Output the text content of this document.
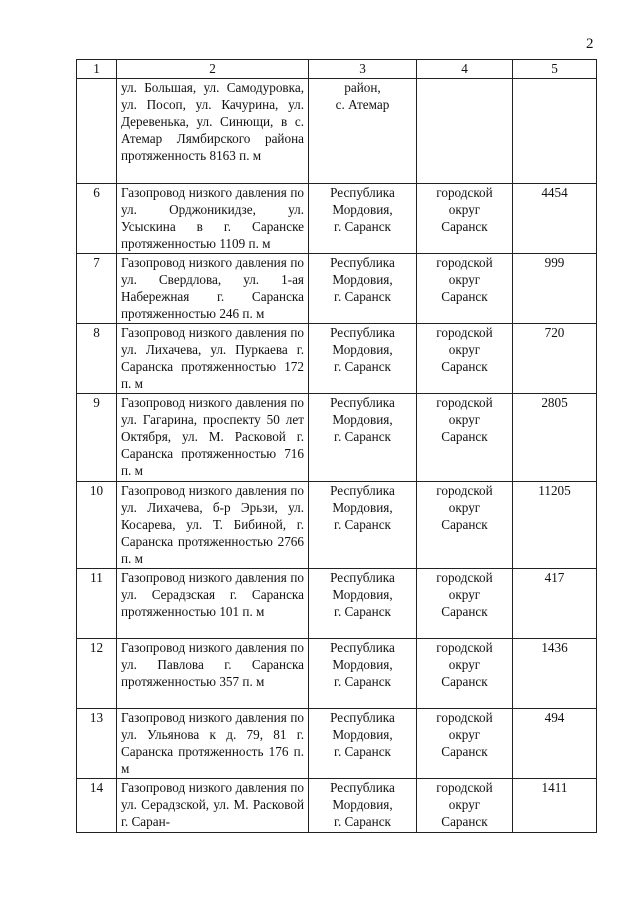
2
1	2	3	4	5
	ул. Большая, ул. Самодуровка, ул. Посоп, ул. Качурина, ул. Деревенька, ул. Синющи, в с. Атемар Лямбирского района протяженность 8163 п. м	район,
с. Атемар		

6	Газопровод низкого давления по ул. Орджоникидзе, ул. Усыскина в г. Саранске протяженностью 1109 п. м	Республика
Мордовия,
г. Саранск	городской
округ
Саранск	4454
7	Газопровод низкого давления по ул. Свердлова, ул. 1-ая Набережная г. Саранска протяженностью 246 п. м	Республика
Мордовия,
г. Саранск	городской
округ
Саранск	999
8	Газопровод низкого давления по ул. Лихачева, ул. Пуркаева г. Саранска протяженностью 172 п. м	Республика
Мордовия,
г. Саранск	городской
округ
Саранск	720
9	Газопровод низкого давления по ул. Гагарина, проспекту 50 лет Октября, ул. М. Расковой г. Саранска протяженностью 716 п. м	Республика
Мордовия,
г. Саранск	городской
округ
Саранск	2805
10	Газопровод низкого давления по ул. Лихачева, б-р Эрьзи, ул. Косарева, ул. Т. Бибиной, г. Саранска протяженностью 2766 п. м	Республика
Мордовия,
г. Саранск	городской
округ
Саранск	11205
11	Газопровод низкого давления по ул. Серадзская г. Саранска протяженностью 101 п. м	Республика
Мордовия,
г. Саранск	городской
округ
Саранск	417
12	Газопровод низкого давления по ул. Павлова г. Саранска протяженностью 357 п. м	Республика
Мордовия,
г. Саранск	городской
округ
Саранск	1436
13	Газопровод низкого давления по ул. Ульянова к д. 79, 81 г. Саранска протяженность 176 п. м	Республика
Мордовия,
г. Саранск	городской
округ
Саранск	494
14	Газопровод низкого давления по ул. Серадзской, ул. М. Расковой г. Саран-	Республика
Мордовия,
г. Саранск	городской
округ
Саранск	1411
